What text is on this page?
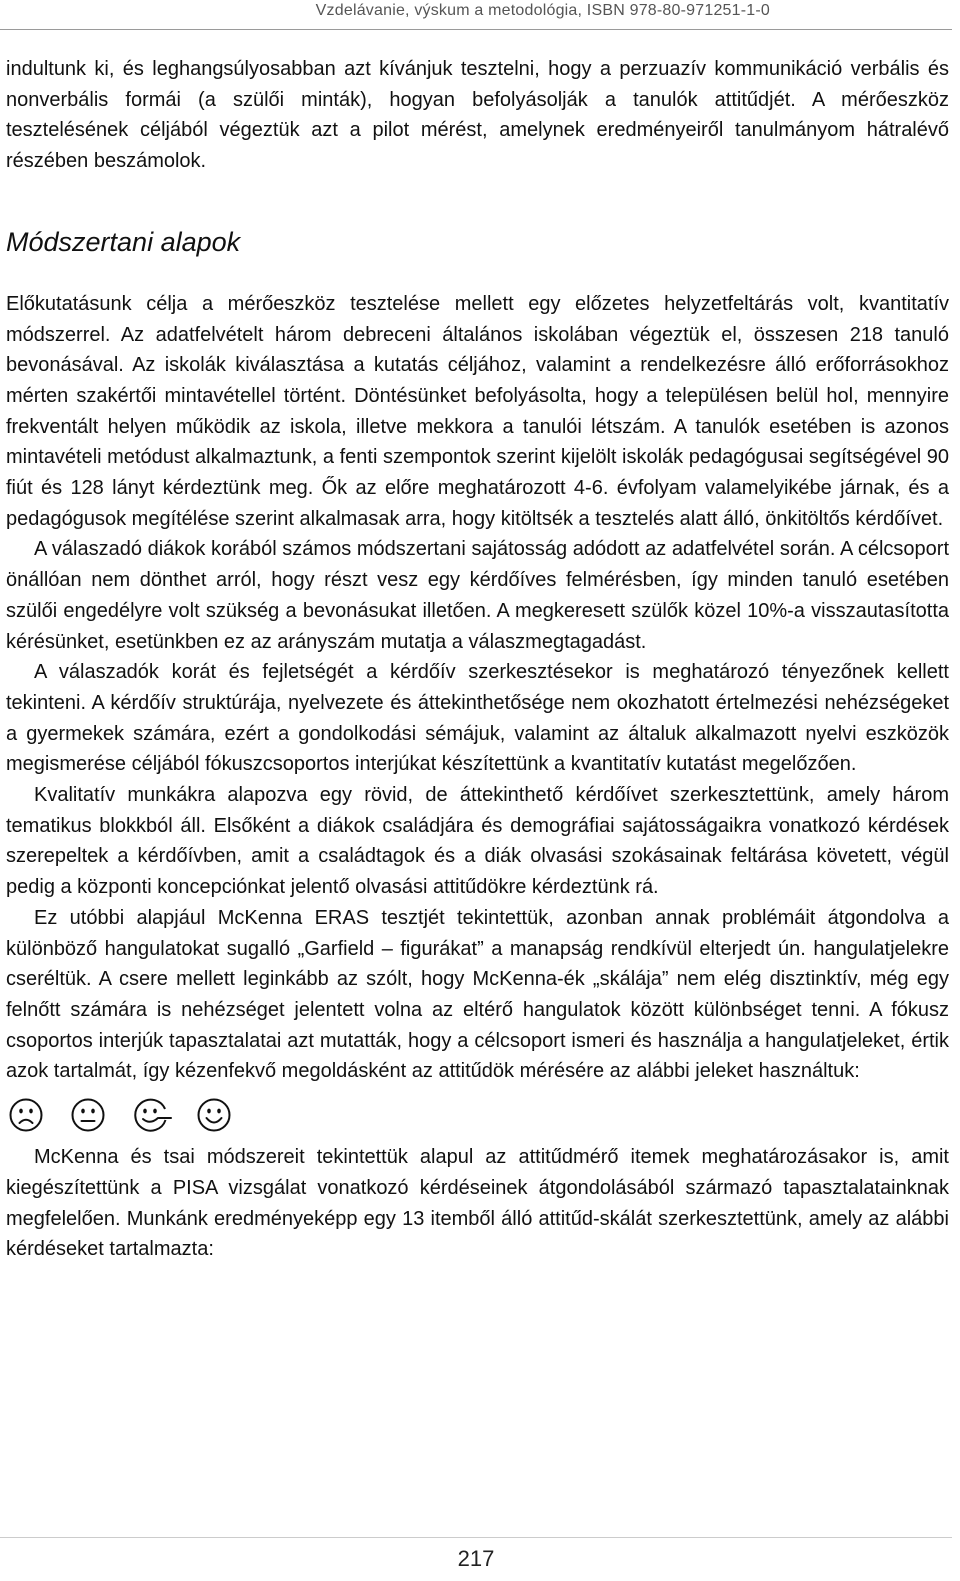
Vzdelávanie, výskum a metodológia, ISBN 978-80-971251-1-0

indultunk ki, és leghangsúlyosabban azt kívánjuk tesztelni, hogy a perzuazív kommunikáció verbális és nonverbális formái (a szülői minták), hogyan befolyásolják a tanulók attitűdjét. A mérőeszköz tesztelésének céljából végeztük azt a pilot mérést, amelynek eredményeiről tanulmányom hátralévő részében beszámolok.

Módszertani alapok

Előkutatásunk célja a mérőeszköz tesztelése mellett egy előzetes helyzetfeltárás volt, kvantitatív módszerrel. Az adatfelvételt három debreceni általános iskolában végeztük el, összesen 218 tanuló bevonásával. Az iskolák kiválasztása a kutatás céljához, valamint a rendelkezésre álló erőforrásokhoz mérten szakértői mintavétellel történt. Döntésünket befolyásolta, hogy a településen belül hol, mennyire frekventált helyen működik az iskola, illetve mekkora a tanulói létszám. A tanulók esetében is azonos mintavételi metódust alkalmaztunk, a fenti szempontok szerint kijelölt iskolák pedagógusai segítségével 90 fiút és 128 lányt kérdeztünk meg. Ők az előre meghatározott 4-6. évfolyam valamelyikébe járnak, és a pedagógusok megítélése szerint alkalmasak arra, hogy kitöltsék a tesztelés alatt álló, önkitöltős kérdőívet.

A válaszadó diákok korából számos módszertani sajátosság adódott az adatfelvétel során. A célcsoport önállóan nem dönthet arról, hogy részt vesz egy kérdőíves felmérésben, így minden tanuló esetében szülői engedélyre volt szükség a bevonásukat illetően. A megkeresett szülők közel 10%-a visszautasította kérésünket, esetünkben ez az arányszám mutatja a válaszmegtagadást.

A válaszadók korát és fejletségét a kérdőív szerkesztésekor is meghatározó tényezőnek kellett tekinteni. A kérdőív struktúrája, nyelvezete és áttekinthetősége nem okozhatott értelmezési nehézségeket a gyermekek számára, ezért a gondolkodási sémájuk, valamint az általuk alkalmazott nyelvi eszközök megismerése céljából fókuszcsoportos interjúkat készítettünk a kvantitatív kutatást megelőzően.

Kvalitatív munkákra alapozva egy rövid, de áttekinthető kérdőívet szerkesztettünk, amely három tematikus blokkból áll. Elsőként a diákok családjára és demográfiai sajátosságaikra vonatkozó kérdések szerepeltek a kérdőívben, amit a családtagok és a diák olvasási szokásainak feltárása követett, végül pedig a központi koncepciónkat jelentő olvasási attitűdökre kérdeztünk rá.

Ez utóbbi alapjául McKenna ERAS tesztjét tekintettük, azonban annak problémáit átgondolva a különböző hangulatokat sugalló „Garfield – figurákat” a manapság rendkívül elterjedt ún. hangulatjelekre cseréltük. A csere mellett leginkább az szólt, hogy McKenna-ék „skálája” nem elég disztinktív, még egy felnőtt számára is nehézséget jelentett volna az eltérő hangulatok között különbséget tenni. A fókusz csoportos interjúk tapasztalatai azt mutatták, hogy a célcsoport ismeri és használja a hangulatjeleket, értik azok tartalmát, így kézenfekvő megoldásként az attitűdök mérésére az alábbi jeleket használtuk:

McKenna és tsai módszereit tekintettük alapul az attitűdmérő itemek meghatározásakor is, amit kiegészítettünk a PISA vizsgálat vonatkozó kérdéseinek átgondolásából származó tapasztalatainknak megfelelően. Munkánk eredményeképp egy 13 itemből álló attitűd-skálát szerkesztettünk, amely az alábbi kérdéseket tartalmazta:

217
